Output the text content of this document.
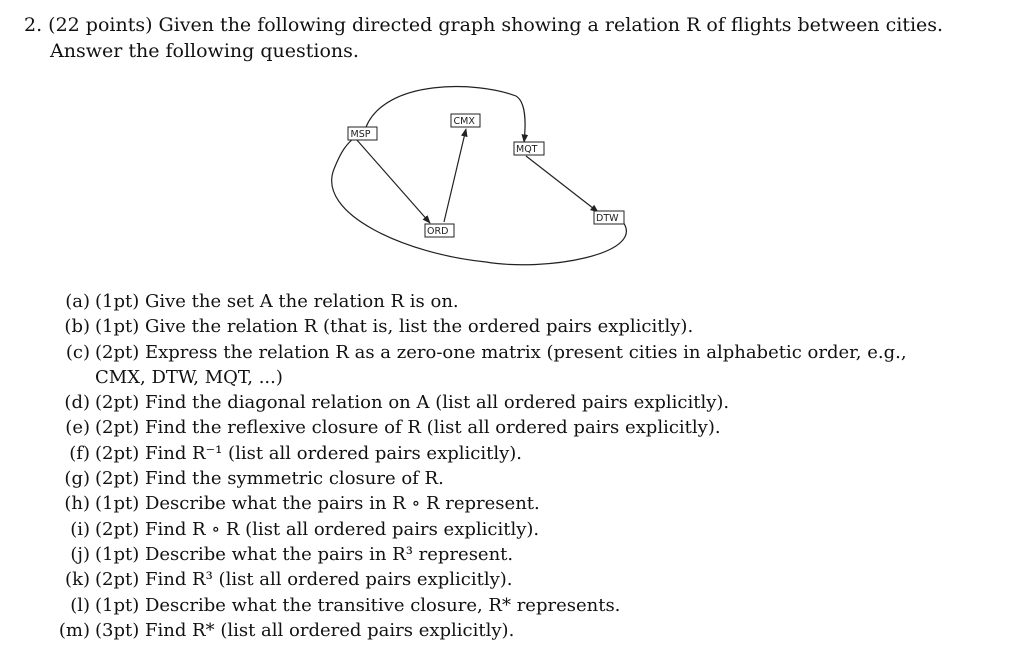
2. (22 points) Given the following directed graph showing a relation R of flights between cities.
Answer the following questions.
MSP
CMX
MQT
ORD
DTW
(a) (1pt) Give the set A the relation R is on.
(b) (1pt) Give the relation R (that is, list the ordered pairs explicitly).
(c) (2pt) Express the relation R as a zero-one matrix (present cities in alphabetic order, e.g.,
CMX, DTW, MQT, ...)
(d) (2pt) Find the diagonal relation on A (list all ordered pairs explicitly).
(e) (2pt) Find the reflexive closure of R (list all ordered pairs explicitly).
(f) (2pt) Find R⁻¹ (list all ordered pairs explicitly).
(g) (2pt) Find the symmetric closure of R.
(h) (1pt) Describe what the pairs in R ∘ R represent.
(i) (2pt) Find R ∘ R (list all ordered pairs explicitly).
(j) (1pt) Describe what the pairs in R³ represent.
(k) (2pt) Find R³ (list all ordered pairs explicitly).
(l) (1pt) Describe what the transitive closure, R* represents.
(m) (3pt) Find R* (list all ordered pairs explicitly).
